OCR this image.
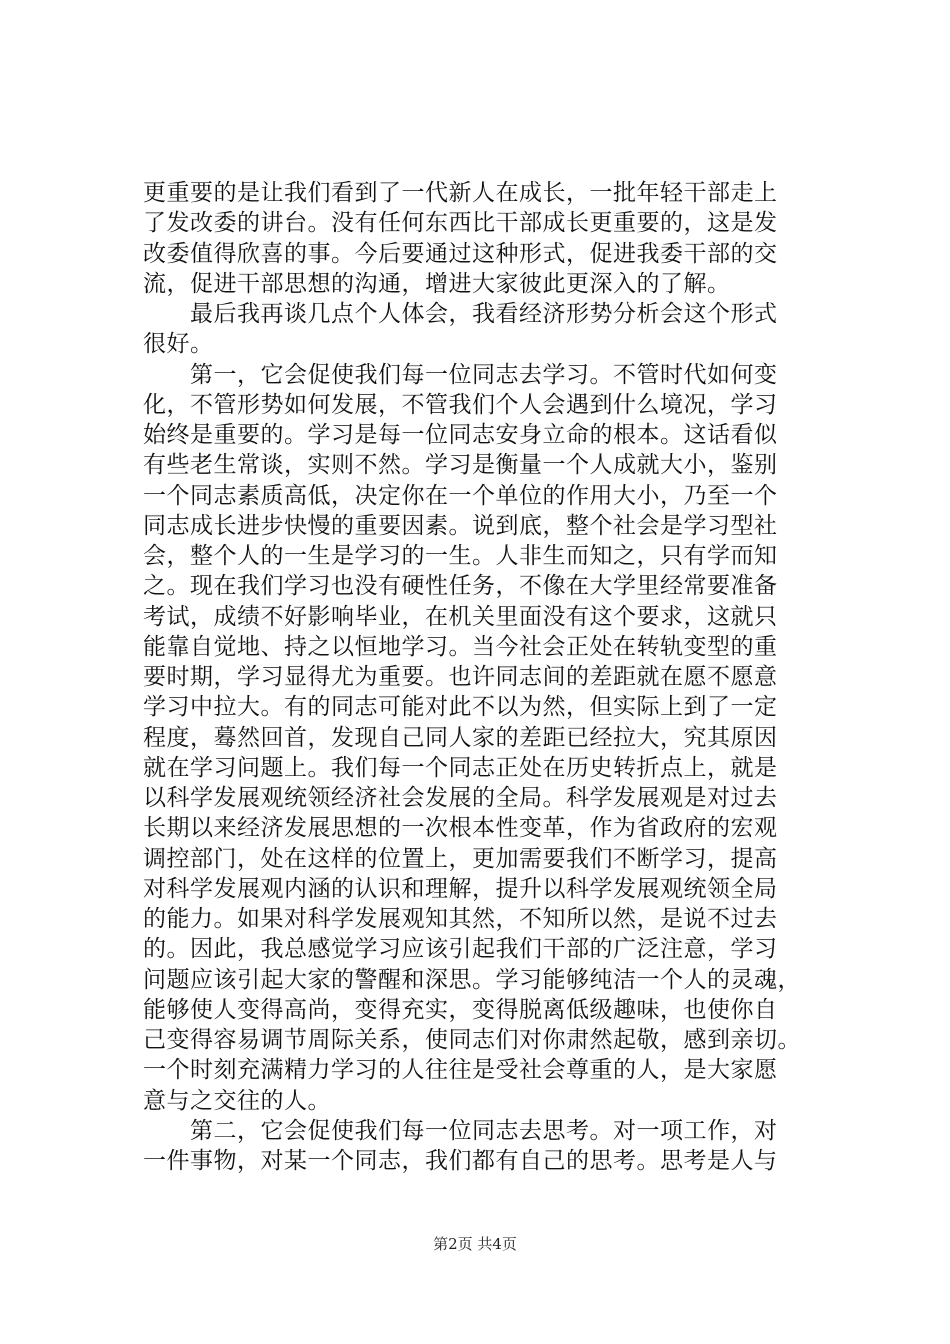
更重要的是让我们看到了一代新人在成长，一批年轻干部走上
了发改委的讲台。没有任何东西比干部成长更重要的，这是发
改委值得欣喜的事。今后要通过这种形式，促进我委干部的交
流，促进干部思想的沟通，增进大家彼此更深入的了解。
　　最后我再谈几点个人体会，我看经济形势分析会这个形式
很好。
　　第一，它会促使我们每一位同志去学习。不管时代如何变
化，不管形势如何发展，不管我们个人会遇到什么境况，学习
始终是重要的。学习是每一位同志安身立命的根本。这话看似
有些老生常谈，实则不然。学习是衡量一个人成就大小，鉴别
一个同志素质高低，决定你在一个单位的作用大小，乃至一个
同志成长进步快慢的重要因素。说到底，整个社会是学习型社
会，整个人的一生是学习的一生。人非生而知之，只有学而知
之。现在我们学习也没有硬性任务，不像在大学里经常要准备
考试，成绩不好影响毕业，在机关里面没有这个要求，这就只
能靠自觉地、持之以恒地学习。当今社会正处在转轨变型的重
要时期，学习显得尤为重要。也许同志间的差距就在愿不愿意
学习中拉大。有的同志可能对此不以为然，但实际上到了一定
程度，蓦然回首，发现自己同人家的差距已经拉大，究其原因
就在学习问题上。我们每一个同志正处在历史转折点上，就是
以科学发展观统领经济社会发展的全局。科学发展观是对过去
长期以来经济发展思想的一次根本性变革，作为省政府的宏观
调控部门，处在这样的位置上，更加需要我们不断学习，提高
对科学发展观内涵的认识和理解，提升以科学发展观统领全局
的能力。如果对科学发展观知其然，不知所以然，是说不过去
的。因此，我总感觉学习应该引起我们干部的广泛注意，学习
问题应该引起大家的警醒和深思。学习能够纯洁一个人的灵魂，
能够使人变得高尚，变得充实，变得脱离低级趣味，也使你自
己变得容易调节周际关系，使同志们对你肃然起敬，感到亲切。
一个时刻充满精力学习的人往往是受社会尊重的人，是大家愿
意与之交往的人。
　　第二，它会促使我们每一位同志去思考。对一项工作，对
一件事物，对某一个同志，我们都有自己的思考。思考是人与
第2页 共4页
